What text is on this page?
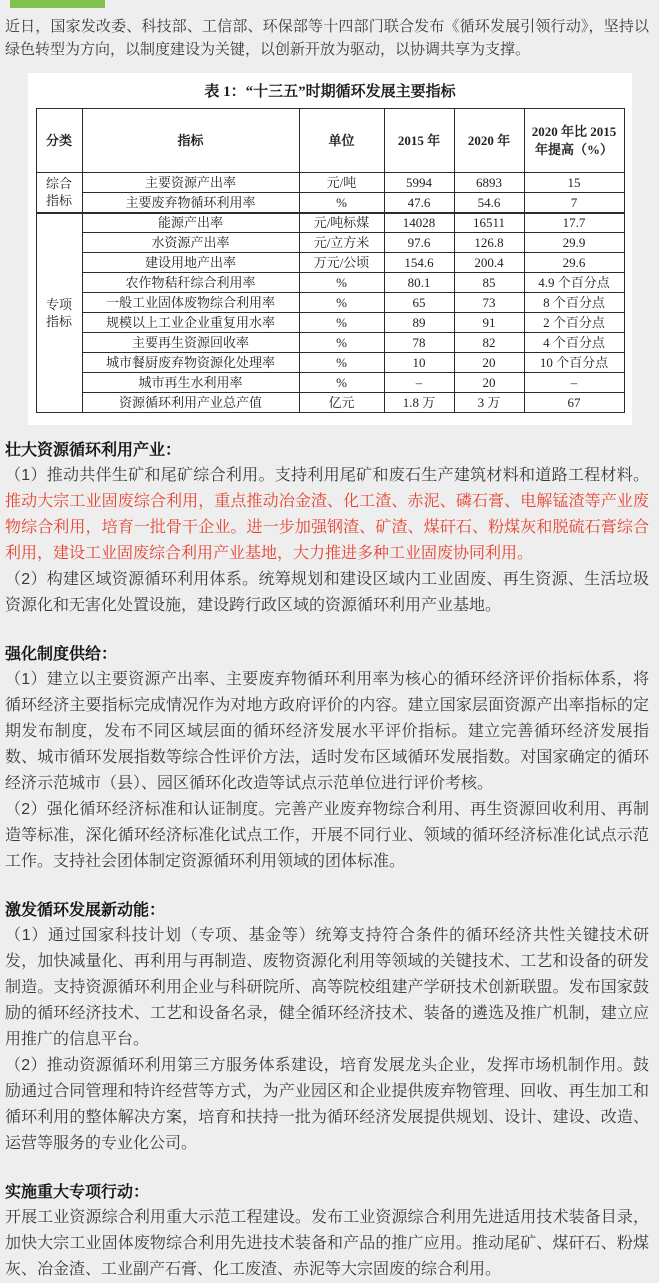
近日，国家发改委、科技部、工信部、环保部等十四部门联合发布《循环发展引领行动》，坚持以绿色转型为方向，以制度建设为关键，以创新开放为驱动，以协调共享为支撑。

表 1：“十三五”时期循环发展主要指标
分类	指标	单位	2015 年	2020 年	2020 年比 2015 年提高（%）
综合指标	主要资源产出率	元/吨	5994	6893	15
	主要废弃物循环利用率	%	47.6	54.6	7
专项指标	能源产出率	元/吨标煤	14028	16511	17.7
	水资源产出率	元/立方米	97.6	126.8	29.9
	建设用地产出率	万元/公顷	154.6	200.4	29.6
	农作物秸秆综合利用率	%	80.1	85	4.9 个百分点
	一般工业固体废物综合利用率	%	65	73	8 个百分点
	规模以上工业企业重复用水率	%	89	91	2 个百分点
	主要再生资源回收率	%	78	82	4 个百分点
	城市餐厨废弃物资源化处理率	%	10	20	10 个百分点
	城市再生水利用率	%	–	20	–
	资源循环利用产业总产值	亿元	1.8 万	3 万	67
壮大资源循环利用产业：

（1）推动共伴生矿和尾矿综合利用。支持利用尾矿和废石生产建筑材料和道路工程材料。推动大宗工业固废综合利用，重点推动冶金渣、化工渣、赤泥、磷石膏、电解锰渣等产业废物综合利用，培育一批骨干企业。进一步加强钢渣、矿渣、煤矸石、粉煤灰和脱硫石膏综合利用，建设工业固废综合利用产业基地，大力推进多种工业固废协同利用。

（2）构建区域资源循环利用体系。统筹规划和建设区域内工业固废、再生资源、生活垃圾资源化和无害化处置设施，建设跨行政区域的资源循环利用产业基地。

强化制度供给：

（1）建立以主要资源产出率、主要废弃物循环利用率为核心的循环经济评价指标体系，将循环经济主要指标完成情况作为对地方政府评价的内容。建立国家层面资源产出率指标的定期发布制度，发布不同区域层面的循环经济发展水平评价指标。建立完善循环经济发展指数、城市循环发展指数等综合性评价方法，适时发布区域循环发展指数。对国家确定的循环经济示范城市（县）、园区循环化改造等试点示范单位进行评价考核。

（2）强化循环经济标准和认证制度。完善产业废弃物综合利用、再生资源回收利用、再制造等标准，深化循环经济标准化试点工作，开展不同行业、领域的循环经济标准化试点示范工作。支持社会团体制定资源循环利用领域的团体标准。

激发循环发展新动能：

（1）通过国家科技计划（专项、基金等）统筹支持符合条件的循环经济共性关键技术研发，加快减量化、再利用与再制造、废物资源化利用等领域的关键技术、工艺和设备的研发制造。支持资源循环利用企业与科研院所、高等院校组建产学研技术创新联盟。发布国家鼓励的循环经济技术、工艺和设备名录，健全循环经济技术、装备的遴选及推广机制，建立应用推广的信息平台。

（2）推动资源循环利用第三方服务体系建设，培育发展龙头企业，发挥市场机制作用。鼓励通过合同管理和特许经营等方式，为产业园区和企业提供废弃物管理、回收、再生加工和循环利用的整体解决方案，培育和扶持一批为循环经济发展提供规划、设计、建设、改造、运营等服务的专业化公司。

实施重大专项行动：

开展工业资源综合利用重大示范工程建设。发布工业资源综合利用先进适用技术装备目录，加快大宗工业固体废物综合利用先进技术装备和产品的推广应用。推动尾矿、煤矸石、粉煤灰、冶金渣、工业副产石膏、化工废渣、赤泥等大宗固废的综合利用。
